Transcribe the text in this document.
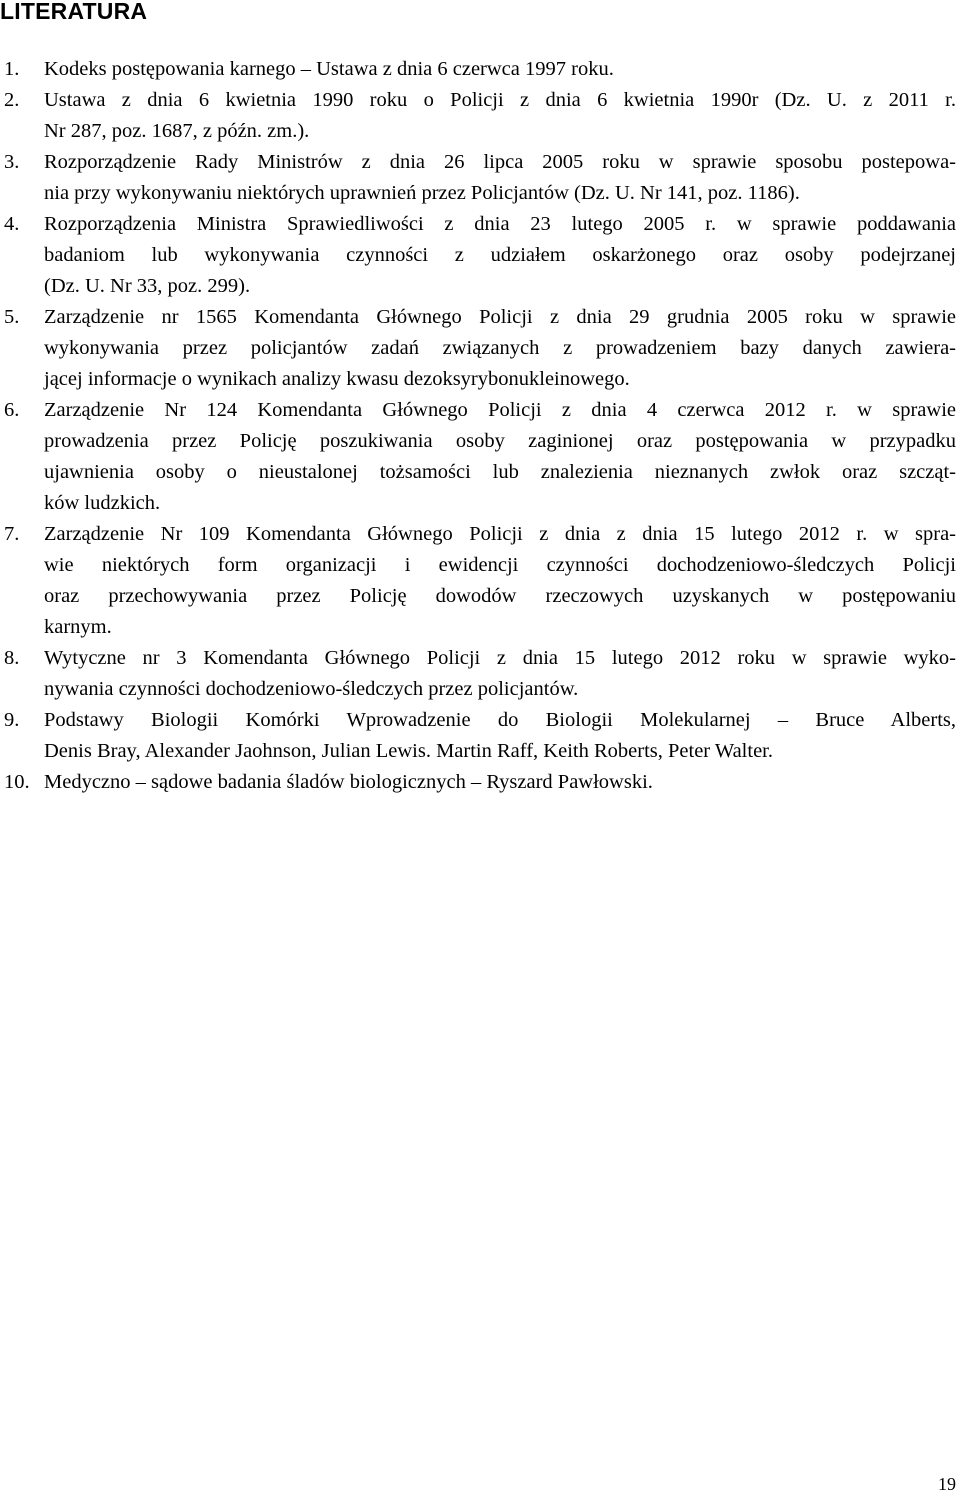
LITERATURA
1. Kodeks postępowania karnego – Ustawa z dnia 6 czerwca 1997 roku.
2. Ustawa z dnia 6 kwietnia 1990 roku o Policji z dnia 6 kwietnia 1990r (Dz. U. z 2011 r.
Nr 287, poz. 1687, z późn. zm.).
3. Rozporządzenie Rady Ministrów z dnia 26 lipca 2005 roku w sprawie sposobu postepowa-
nia przy wykonywaniu niektórych uprawnień przez Policjantów (Dz. U. Nr 141, poz. 1186).
4. Rozporządzenia Ministra Sprawiedliwości z dnia 23 lutego 2005 r. w sprawie poddawania
badaniom lub wykonywania czynności z udziałem oskarżonego oraz osoby podejrzanej
(Dz. U. Nr 33, poz. 299).
5. Zarządzenie nr 1565 Komendanta Głównego Policji z dnia 29 grudnia 2005 roku w sprawie
wykonywania przez policjantów zadań związanych z prowadzeniem bazy danych zawiera-
jącej informacje o wynikach analizy kwasu dezoksyrybonukleinowego.
6. Zarządzenie Nr 124 Komendanta Głównego Policji z dnia 4 czerwca 2012 r. w sprawie
prowadzenia przez Policję poszukiwania osoby zaginionej oraz postępowania w przypadku
ujawnienia osoby o nieustalonej tożsamości lub znalezienia nieznanych zwłok oraz szcząt-
ków ludzkich.
7. Zarządzenie Nr 109 Komendanta Głównego Policji z dnia z dnia 15 lutego 2012 r. w spra-
wie niektórych form organizacji i ewidencji czynności dochodzeniowo-śledczych Policji
oraz przechowywania przez Policję dowodów rzeczowych uzyskanych w postępowaniu
karnym.
8. Wytyczne nr 3 Komendanta Głównego Policji z dnia 15 lutego 2012 roku w sprawie wyko-
nywania czynności dochodzeniowo-śledczych przez policjantów.
9. Podstawy Biologii Komórki Wprowadzenie do Biologii Molekularnej – Bruce Alberts,
Denis Bray, Alexander Jaohnson, Julian Lewis. Martin Raff, Keith Roberts, Peter Walter.
10. Medyczno – sądowe badania śladów biologicznych – Ryszard Pawłowski.
19
